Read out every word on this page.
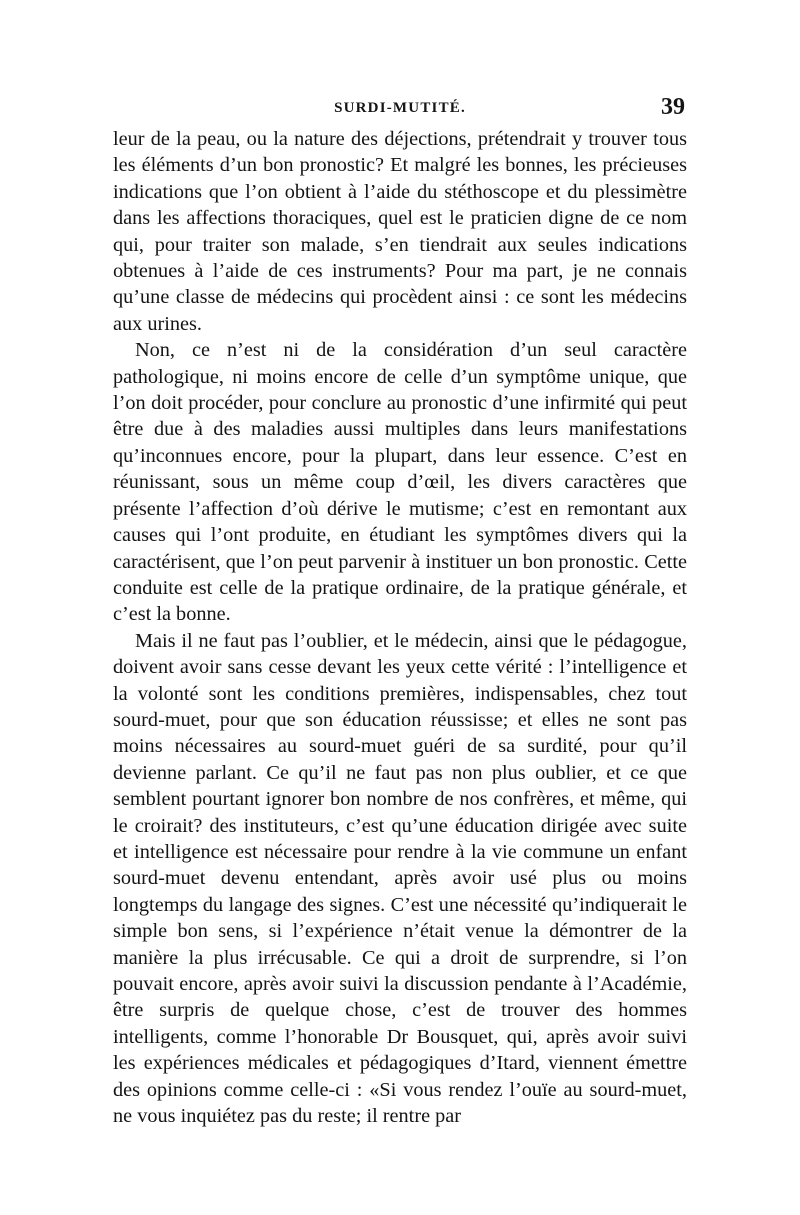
SURDI-MUTITÉ.	39

leur de la peau, ou la nature des déjections, prétendrait y trouver tous les éléments d’un bon pronostic? Et malgré les bonnes, les précieuses indications que l’on obtient à l’aide du stéthoscope et du plessimètre dans les affections thoraciques, quel est le praticien digne de ce nom qui, pour traiter son malade, s’en tiendrait aux seules indications obtenues à l’aide de ces instruments? Pour ma part, je ne connais qu’une classe de médecins qui procèdent ainsi : ce sont les médecins aux urines.

Non, ce n’est ni de la considération d’un seul caractère pathologique, ni moins encore de celle d’un symptôme unique, que l’on doit procéder, pour conclure au pronostic d’une infirmité qui peut être due à des maladies aussi multiples dans leurs manifestations qu’inconnues encore, pour la plupart, dans leur essence. C’est en réunissant, sous un même coup d’œil, les divers caractères que présente l’affection d’où dérive le mutisme; c’est en remontant aux causes qui l’ont produite, en étudiant les symptômes divers qui la caractérisent, que l’on peut parvenir à instituer un bon pronostic. Cette conduite est celle de la pratique ordinaire, de la pratique générale, et c’est la bonne.

Mais il ne faut pas l’oublier, et le médecin, ainsi que le pédagogue, doivent avoir sans cesse devant les yeux cette vérité : l’intelligence et la volonté sont les conditions premières, indispensables, chez tout sourd-muet, pour que son éducation réussisse; et elles ne sont pas moins nécessaires au sourd-muet guéri de sa surdité, pour qu’il devienne parlant. Ce qu’il ne faut pas non plus oublier, et ce que semblent pourtant ignorer bon nombre de nos confrères, et même, qui le croirait? des instituteurs, c’est qu’une éducation dirigée avec suite et intelligence est nécessaire pour rendre à la vie commune un enfant sourd-muet devenu entendant, après avoir usé plus ou moins longtemps du langage des signes. C’est une nécessité qu’indiquerait le simple bon sens, si l’expérience n’était venue la démontrer de la manière la plus irrécusable. Ce qui a droit de surprendre, si l’on pouvait encore, après avoir suivi la discussion pendante à l’Académie, être surpris de quelque chose, c’est de trouver des hommes intelligents, comme l’honorable Dr Bousquet, qui, après avoir suivi les expériences médicales et pédagogiques d’Itard, viennent émettre des opinions comme celle-ci : «Si vous rendez l’ouïe au sourd-muet, ne vous inquiétez pas du reste; il rentre par
